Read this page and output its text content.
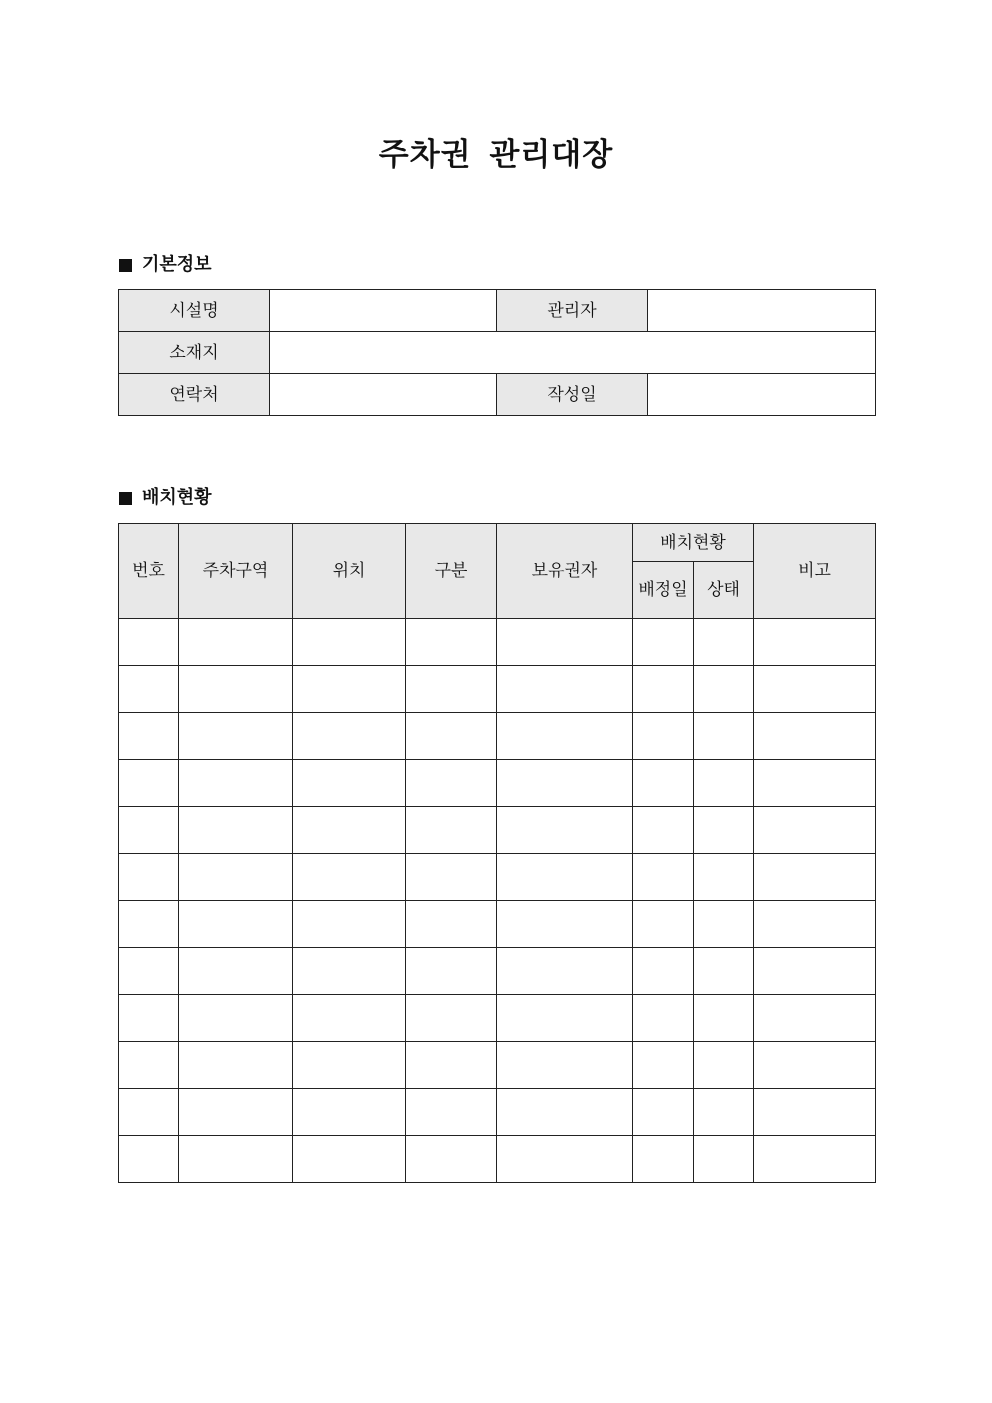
주차권 관리대장
기본정보
시설명		관리자	
소재지			
연락처		작성일	
배치현황
번호	주차구역	위치	구분	보유권자	배치현황		비고
					배정일	상태	
